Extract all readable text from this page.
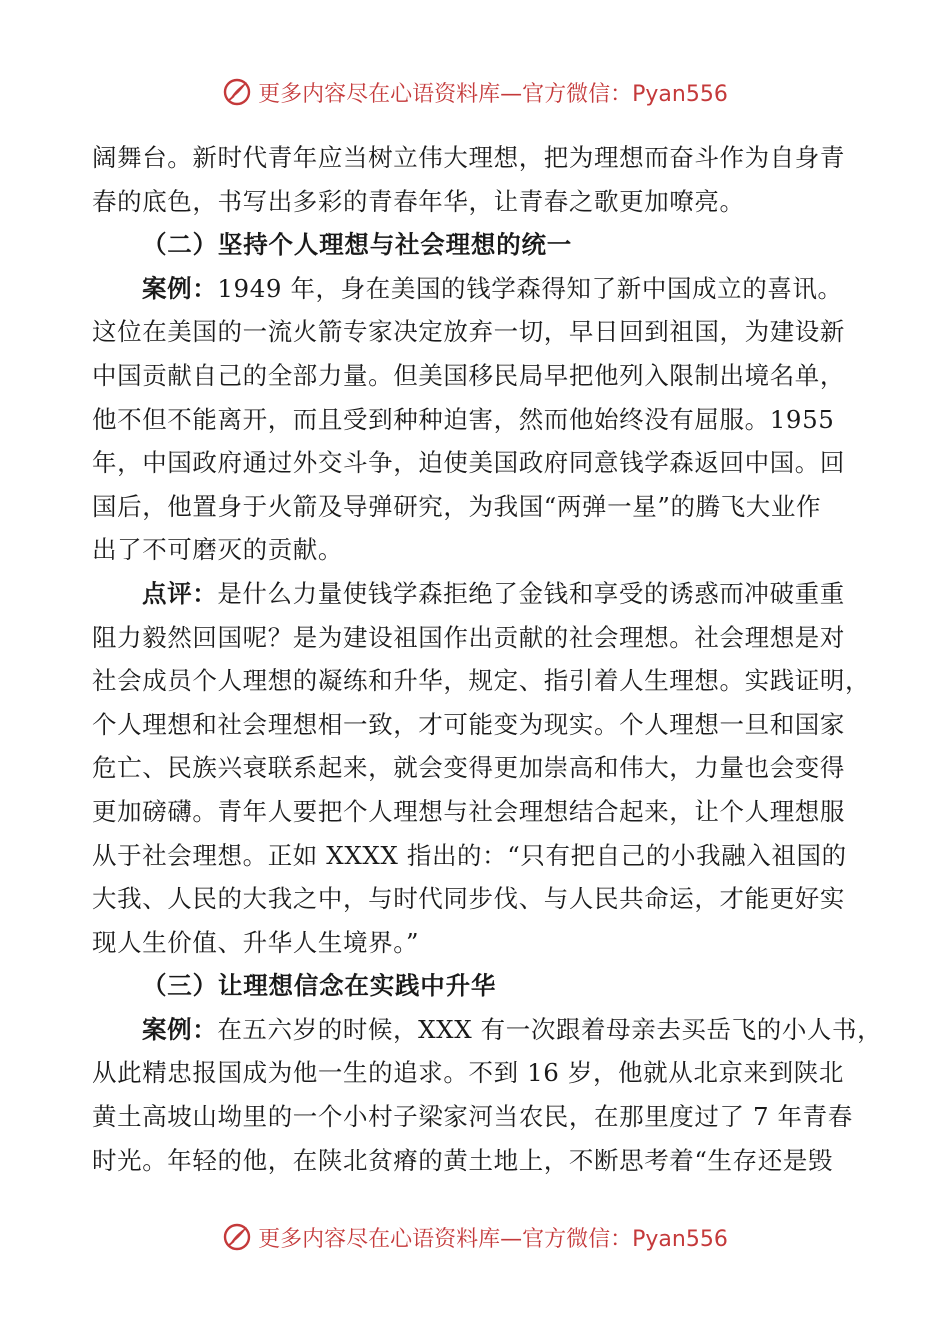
更多内容尽在心语资料库—官方微信：Pyan556
阔舞台。新时代青年应当树立伟大理想，把为理想而奋斗作为自身青
春的底色，书写出多彩的青春年华，让青春之歌更加嘹亮。
（二）坚持个人理想与社会理想的统一
案例：1949 年，身在美国的钱学森得知了新中国成立的喜讯。
这位在美国的一流火箭专家决定放弃一切，早日回到祖国，为建设新
中国贡献自己的全部力量。但美国移民局早把他列入限制出境名单，
他不但不能离开，而且受到种种迫害，然而他始终没有屈服。1955
年，中国政府通过外交斗争，迫使美国政府同意钱学森返回中国。回
国后，他置身于火箭及导弹研究，为我国“两弹一星”的腾飞大业作
出了不可磨灭的贡献。
点评：是什么力量使钱学森拒绝了金钱和享受的诱惑而冲破重重
阻力毅然回国呢？是为建设祖国作出贡献的社会理想。社会理想是对
社会成员个人理想的凝练和升华，规定、指引着人生理想。实践证明，
个人理想和社会理想相一致，才可能变为现实。个人理想一旦和国家
危亡、民族兴衰联系起来，就会变得更加崇高和伟大，力量也会变得
更加磅礴。青年人要把个人理想与社会理想结合起来，让个人理想服
从于社会理想。正如 XXXX 指出的：“只有把自己的小我融入祖国的
大我、人民的大我之中，与时代同步伐、与人民共命运，才能更好实
现人生价值、升华人生境界。”
（三）让理想信念在实践中升华
案例：在五六岁的时候，XXX 有一次跟着母亲去买岳飞的小人书，
从此精忠报国成为他一生的追求。不到 16 岁，他就从北京来到陕北
黄土高坡山坳里的一个小村子梁家河当农民，在那里度过了 7 年青春
时光。年轻的他，在陕北贫瘠的黄土地上，不断思考着“生存还是毁
更多内容尽在心语资料库—官方微信：Pyan556
